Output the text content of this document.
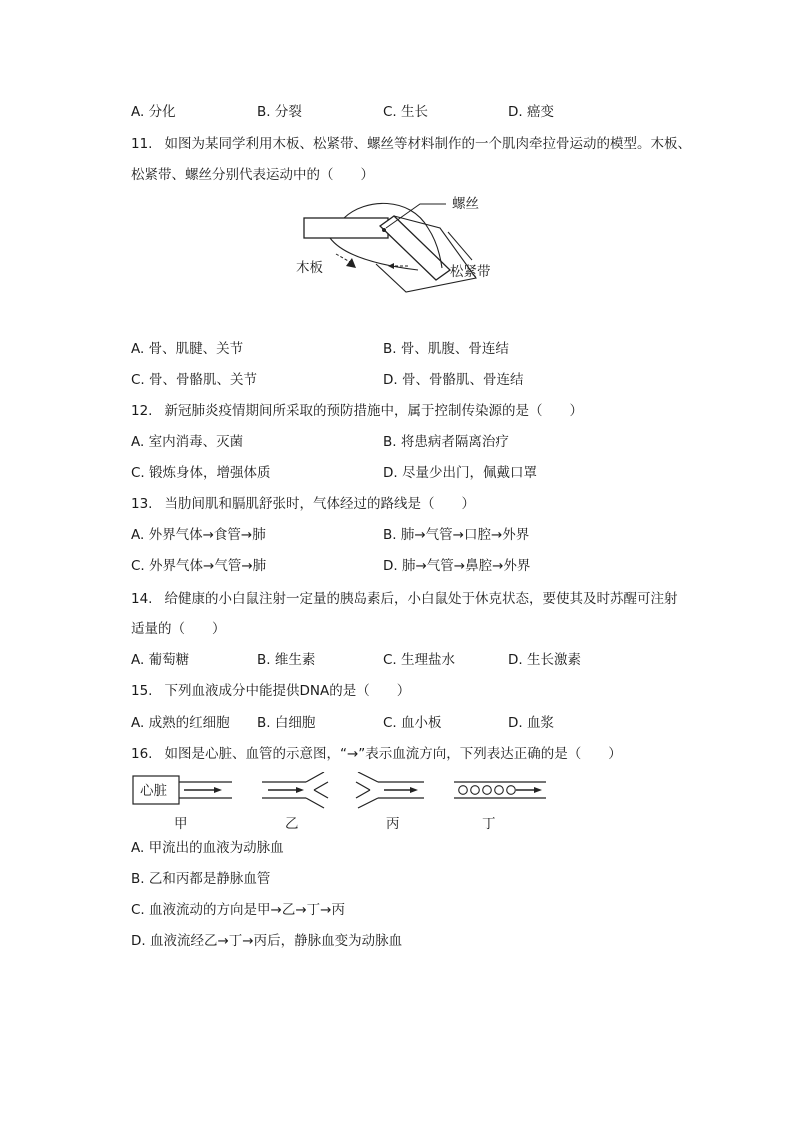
A. 分化	B. 分裂	C. 生长	D. 癌变
11. 如图为某同学利用木板、松紧带、螺丝等材料制作的一个肌肉牵拉骨运动的模型。木板、
松紧带、螺丝分别代表运动中的（　　）
螺丝
木板	松紧带
A. 骨、肌腱、关节	B. 骨、肌腹、骨连结
C. 骨、骨骼肌、关节	D. 骨、骨骼肌、骨连结
12. 新冠肺炎疫情期间所采取的预防措施中，属于控制传染源的是（　　）
A. 室内消毒、灭菌	B. 将患病者隔离治疗
C. 锻炼身体，增强体质	D. 尽量少出门，佩戴口罩
13. 当肋间肌和膈肌舒张时，气体经过的路线是（　　）
A. 外界气体→食管→肺	B. 肺→气管→口腔→外界
C. 外界气体→气管→肺	D. 肺→气管→鼻腔→外界
14. 给健康的小白鼠注射一定量的胰岛素后，小白鼠处于休克状态，要使其及时苏醒可注射
适量的（　　）
A. 葡萄糖	B. 维生素	C. 生理盐水	D. 生长激素
15. 下列血液成分中能提供DNA的是（　　）
A. 成熟的红细胞 B. 白细胞	C. 血小板	D. 血浆
16. 如图是心脏、血管的示意图，“→”表示血流方向，下列表达正确的是（　　）
心脏
甲	乙	丙	丁
A. 甲流出的血液为动脉血
B. 乙和丙都是静脉血管
C. 血液流动的方向是甲→乙→丁→丙
D. 血液流经乙→丁→丙后，静脉血变为动脉血
